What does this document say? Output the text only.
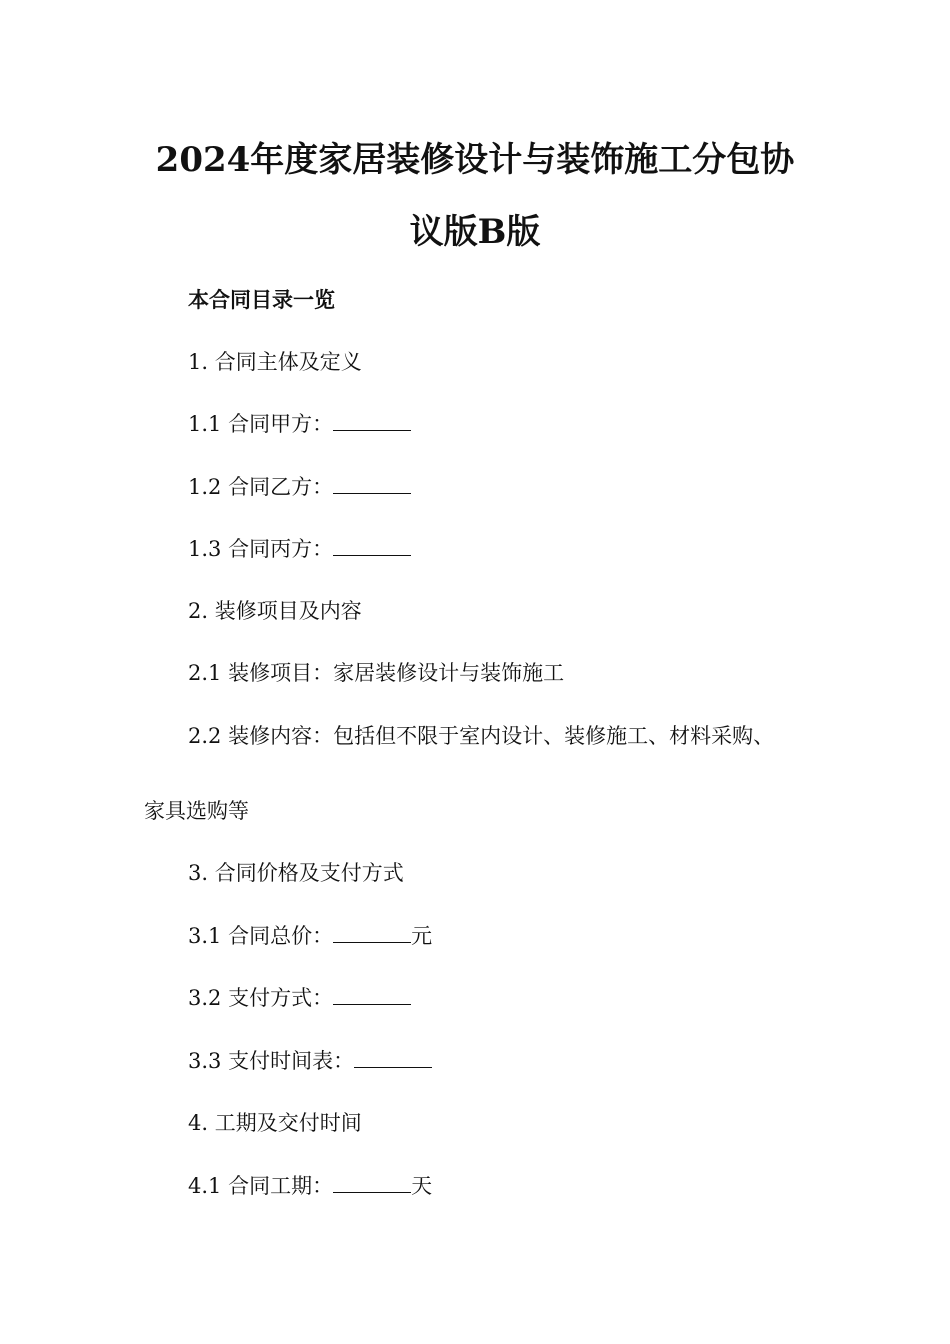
2024年度家居装修设计与装饰施工分包协
议版B版

本合同目录一览

1. 合同主体及定义

1.1 合同甲方：

1.2 合同乙方：

1.3 合同丙方：

2. 装修项目及内容

2.1 装修项目：家居装修设计与装饰施工

2.2 装修内容：包括但不限于室内设计、装修施工、材料采购、

家具选购等

3. 合同价格及支付方式

3.1 合同总价：	元

3.2 支付方式：

3.3 支付时间表：

4. 工期及交付时间

4.1 合同工期：	天
